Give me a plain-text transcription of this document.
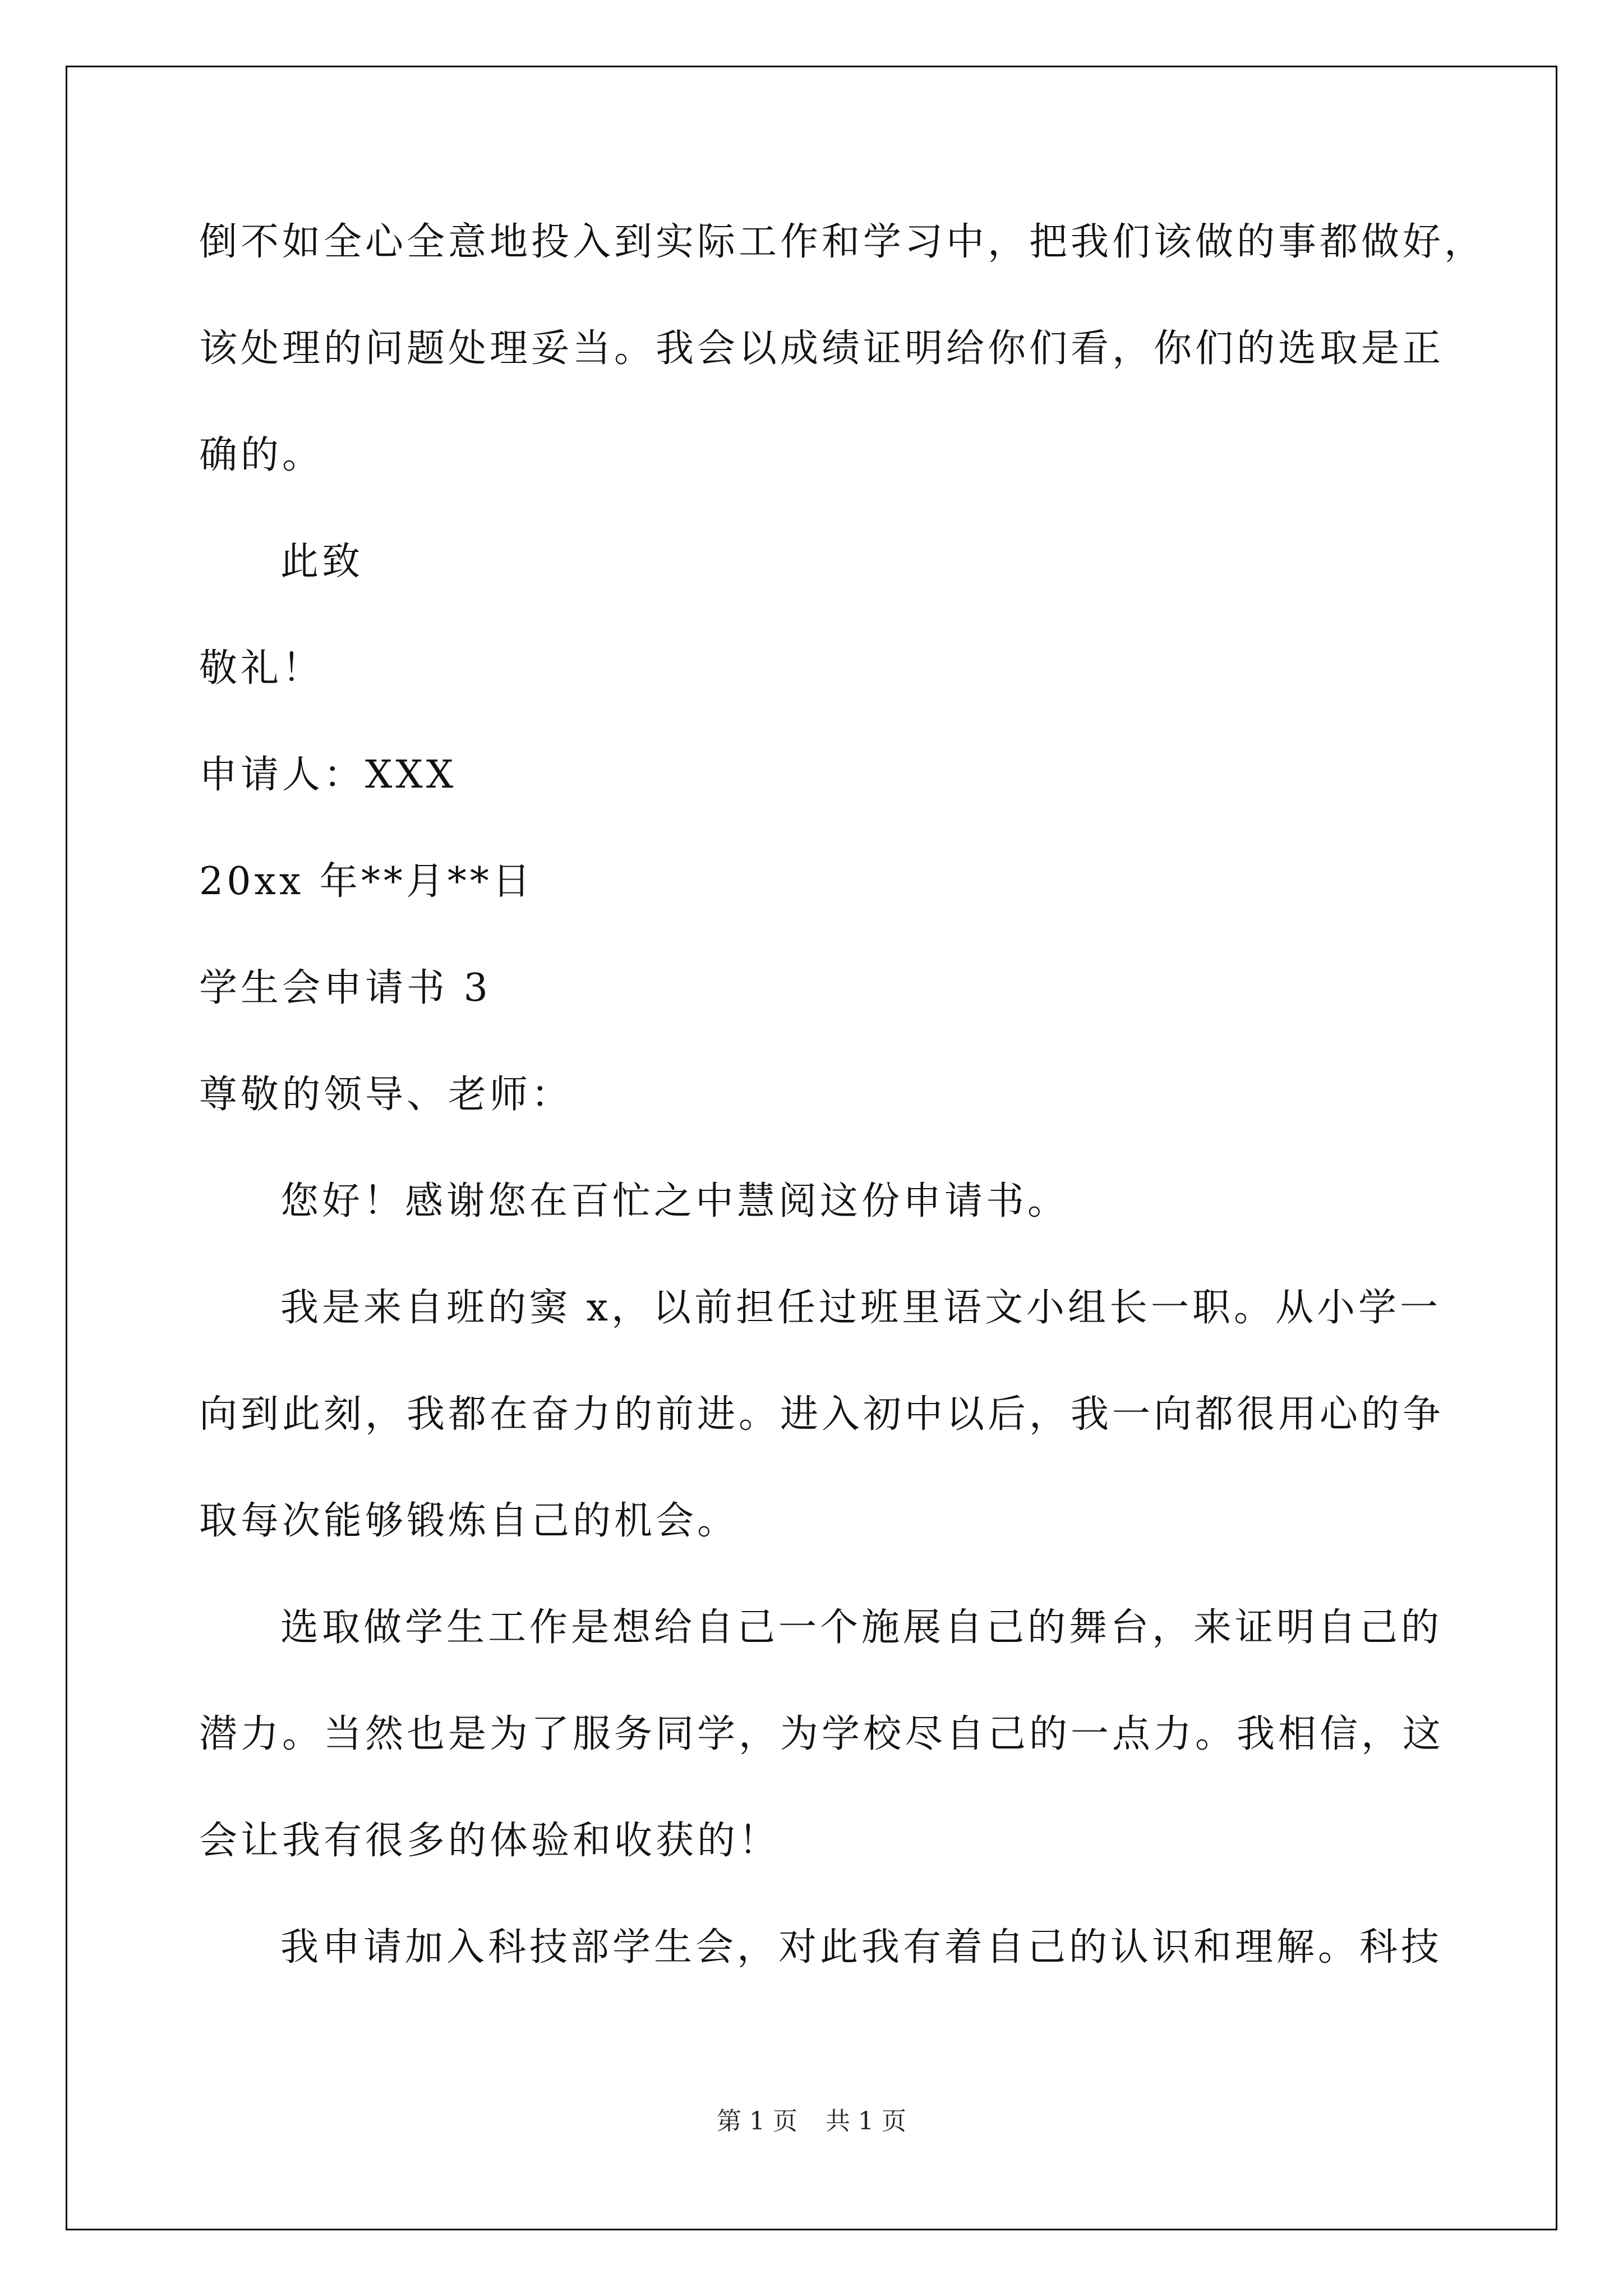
倒不如全心全意地投入到实际工作和学习中，把我们该做的事都做好，
该处理的问题处理妥当。我会以成绩证明给你们看，你们的选取是正
确的。
此致
敬礼！
申请人：XXX
20xx 年**月**日
学生会申请书 3
尊敬的领导、老师：
您好！感谢您在百忙之中慧阅这份申请书。
我是来自班的窦 x，以前担任过班里语文小组长一职。从小学一
向到此刻，我都在奋力的前进。进入初中以后，我一向都很用心的争
取每次能够锻炼自己的机会。
选取做学生工作是想给自己一个施展自己的舞台，来证明自己的
潜力。当然也是为了服务同学，为学校尽自己的一点力。我相信，这
会让我有很多的体验和收获的！
我申请加入科技部学生会，对此我有着自己的认识和理解。科技
第 1 页 共 1 页
